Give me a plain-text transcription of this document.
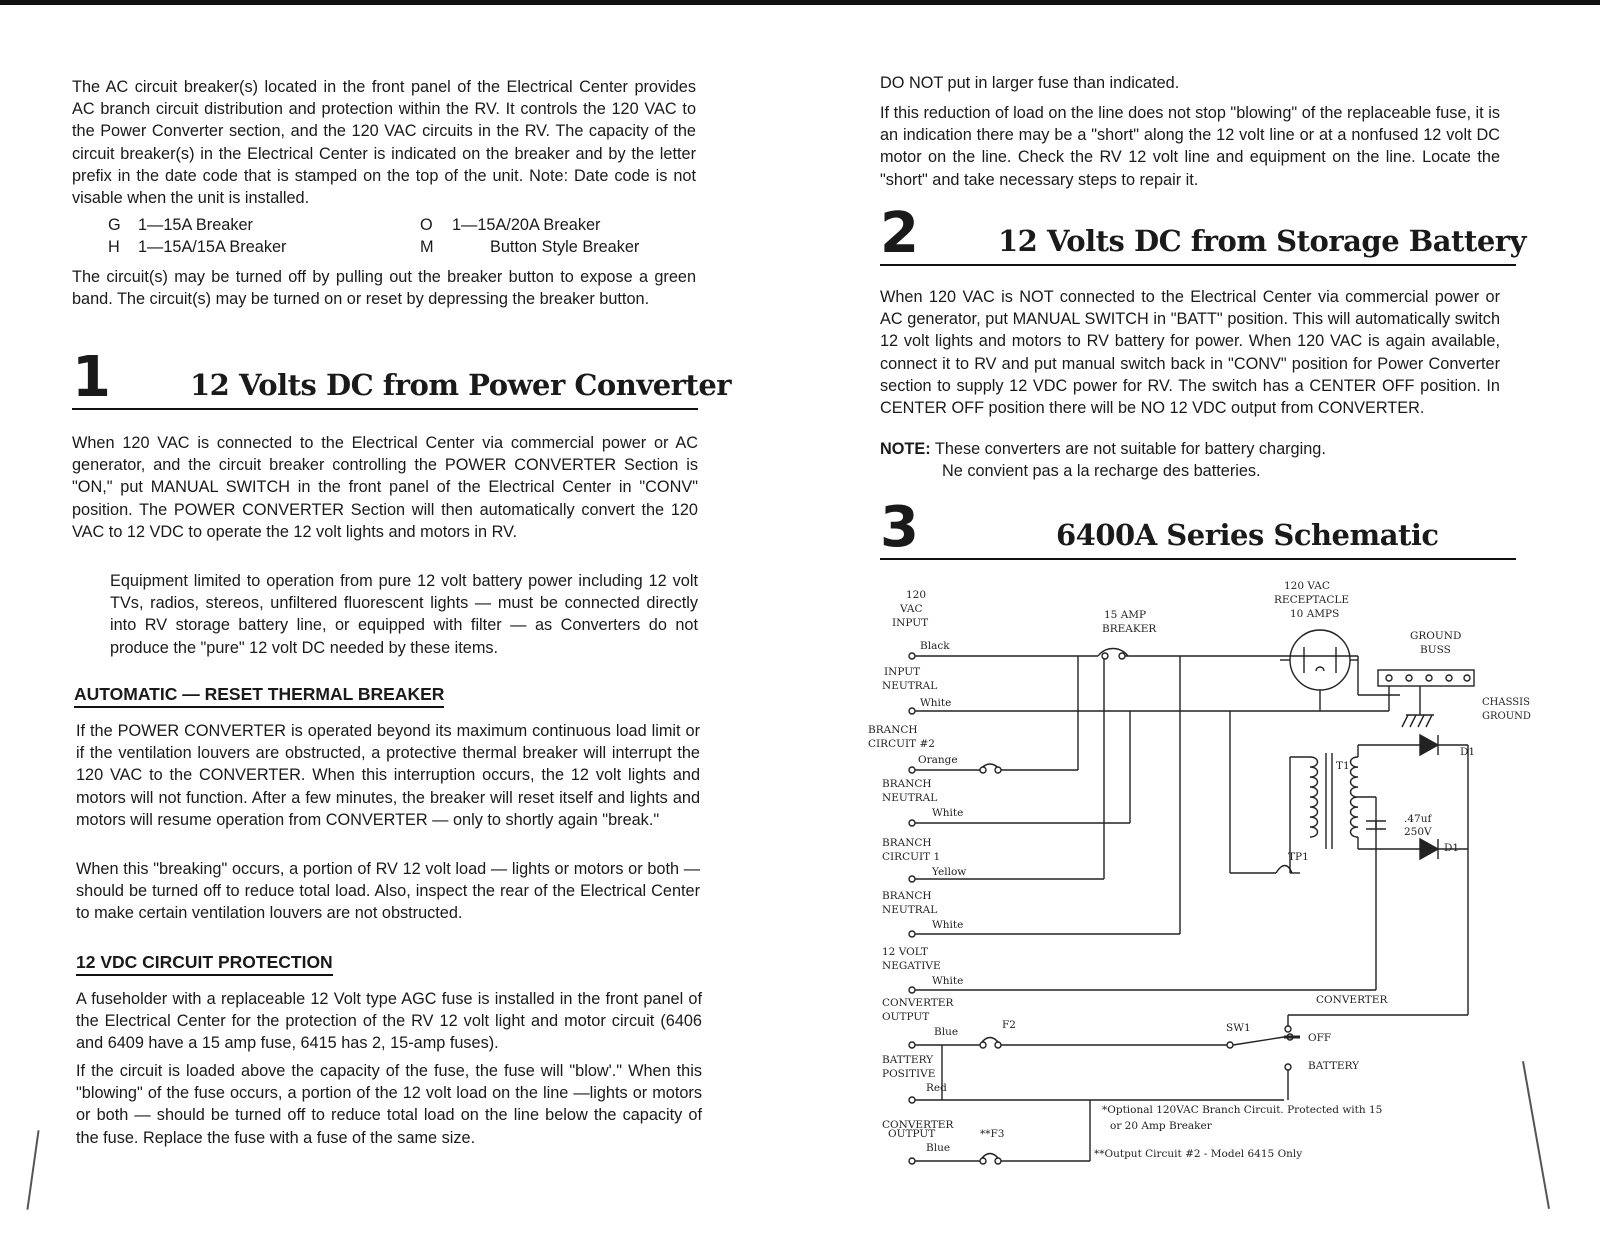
The AC circuit breaker(s) located in the front panel of the Electrical Center provides AC branch circuit distribution and protection within the RV. It controls the 120 VAC to the Power Converter section, and the 120 VAC circuits in the RV. The capacity of the circuit breaker(s) in the Electrical Center is indicated on the breaker and by the letter prefix in the date code that is stamped on the top of the unit. Note: Date code is not visable when the unit is installed.

G 1—15A Breaker	O 1—15A/20A Breaker
H 1—15A/15A Breaker	M	Button Style Breaker

The circuit(s) may be turned off by pulling out the breaker button to expose a green band. The circuit(s) may be turned on or reset by depressing the breaker button.

1	12 Volts DC from Power Converter

When 120 VAC is connected to the Electrical Center via commercial power or AC generator, and the circuit breaker controlling the POWER CONVERTER Section is "ON," put MANUAL SWITCH in the front panel of the Electrical Center in "CONV" position. The POWER CONVERTER Section will then automatically convert the 120 VAC to 12 VDC to operate the 12 volt lights and motors in RV.

Equipment limited to operation from pure 12 volt battery power including 12 volt TVs, radios, stereos, unfiltered fluorescent lights — must be connected directly into RV storage battery line, or equipped with filter — as Converters do not produce the "pure" 12 volt DC needed by these items.

AUTOMATIC — RESET THERMAL BREAKER

If the POWER CONVERTER is operated beyond its maximum continuous load limit or if the ventilation louvers are obstructed, a protective thermal breaker will interrupt the 120 VAC to the CONVERTER. When this interruption occurs, the 12 volt lights and motors will not function. After a few minutes, the breaker will reset itself and lights and motors will resume operation from CONVERTER — only to shortly again "break."

When this "breaking" occurs, a portion of RV 12 volt load — lights or motors or both — should be turned off to reduce total load. Also, inspect the rear of the Electrical Center to make certain ventilation louvers are not obstructed.

12 VDC CIRCUIT PROTECTION

A fuseholder with a replaceable 12 Volt type AGC fuse is installed in the front panel of the Electrical Center for the protection of the RV 12 volt light and motor circuit (6406 and 6409 have a 15 amp fuse, 6415 has 2, 15-amp fuses).

If the circuit is loaded above the capacity of the fuse, the fuse will "blow'." When this "blowing" of the fuse occurs, a portion of the 12 volt load on the line —lights or motors or both — should be turned off to reduce total load on the line below the capacity of the fuse. Replace the fuse with a fuse of the same size.

DO NOT put in larger fuse than indicated.

If this reduction of load on the line does not stop "blowing" of the replaceable fuse, it is an indication there may be a "short" along the 12 volt line or at a nonfused 12 volt DC motor on the line. Check the RV 12 volt line and equipment on the line. Locate the "short" and take necessary steps to repair it.

2	12 Volts DC from Storage Battery

When 120 VAC is NOT connected to the Electrical Center via commercial power or AC generator, put MANUAL SWITCH in "BATT" position. This will automatically switch 12 volt lights and motors to RV battery for power. When 120 VAC is again available, connect it to RV and put manual switch back in "CONV" position for Power Converter section to supply 12 VDC power for RV. The switch has a CENTER OFF position. In CENTER OFF position there will be NO 12 VDC output from CONVERTER.

NOTE: These converters are not suitable for battery charging.

Ne convient pas a la recharge des batteries.

3	6400A Series Schematic
120
VAC
INPUT
Black
INPUT
NEUTRAL
White
BRANCH
CIRCUIT #2
Orange
BRANCH
NEUTRAL
White
BRANCH
CIRCUIT 1
Yellow
BRANCH
NEUTRAL
White
12 VOLT
NEGATIVE
White
CONVERTER
OUTPUT
Blue
BATTERY
POSITIVE
Red
CONVERTER
OUTPUT
Blue
15 AMP
BREAKER
120 VAC
RECEPTACLE
10 AMPS
GROUND
BUSS
CHASSIS
GROUND
T1
TP1
D1
D1
.47uf
250V
F2
**F3
SW1
CONVERTER
OFF
BATTERY
*Optional 120VAC Branch Circuit. Protected with 15
or 20 Amp Breaker
**Output Circuit #2 - Model 6415 Only
